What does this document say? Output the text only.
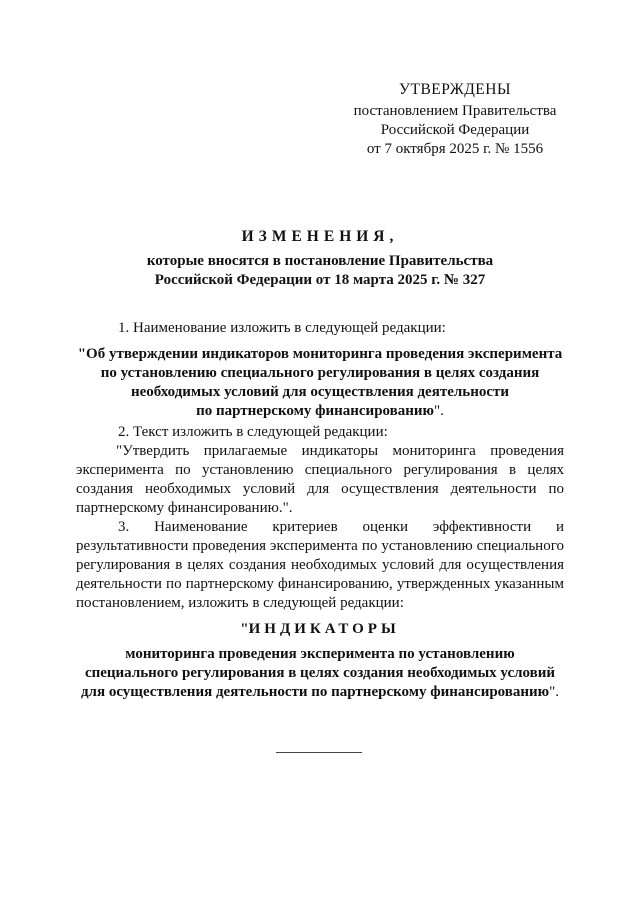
УТВЕРЖДЕНЫ
постановлением Правительства
Российской Федерации
от 7 октября 2025 г. № 1556
ИЗМЕНЕНИЯ,
которые вносятся в постановление Правительства
Российской Федерации от 18 марта 2025 г. № 327

1. Наименование изложить в следующей редакции:

"Об утверждении индикаторов мониторинга проведения эксперимента

по установлению специального регулирования в целях создания

необходимых условий для осуществления деятельности

по партнерскому финансированию".

2. Текст изложить в следующей редакции:

"Утвердить прилагаемые индикаторы мониторинга проведения эксперимента по установлению специального регулирования в целях создания необходимых условий для осуществления деятельности по партнерскому финансированию.".

3. Наименование критериев оценки эффективности и результативности проведения эксперимента по установлению специального регулирования в целях создания необходимых условий для осуществления деятельности по партнерскому финансированию, утвержденных указанным постановлением, изложить в следующей редакции:

"ИНДИКАТОРЫ

мониторинга проведения эксперимента по установлению

специального регулирования в целях создания необходимых условий

для осуществления деятельности по партнерскому финансированию".
